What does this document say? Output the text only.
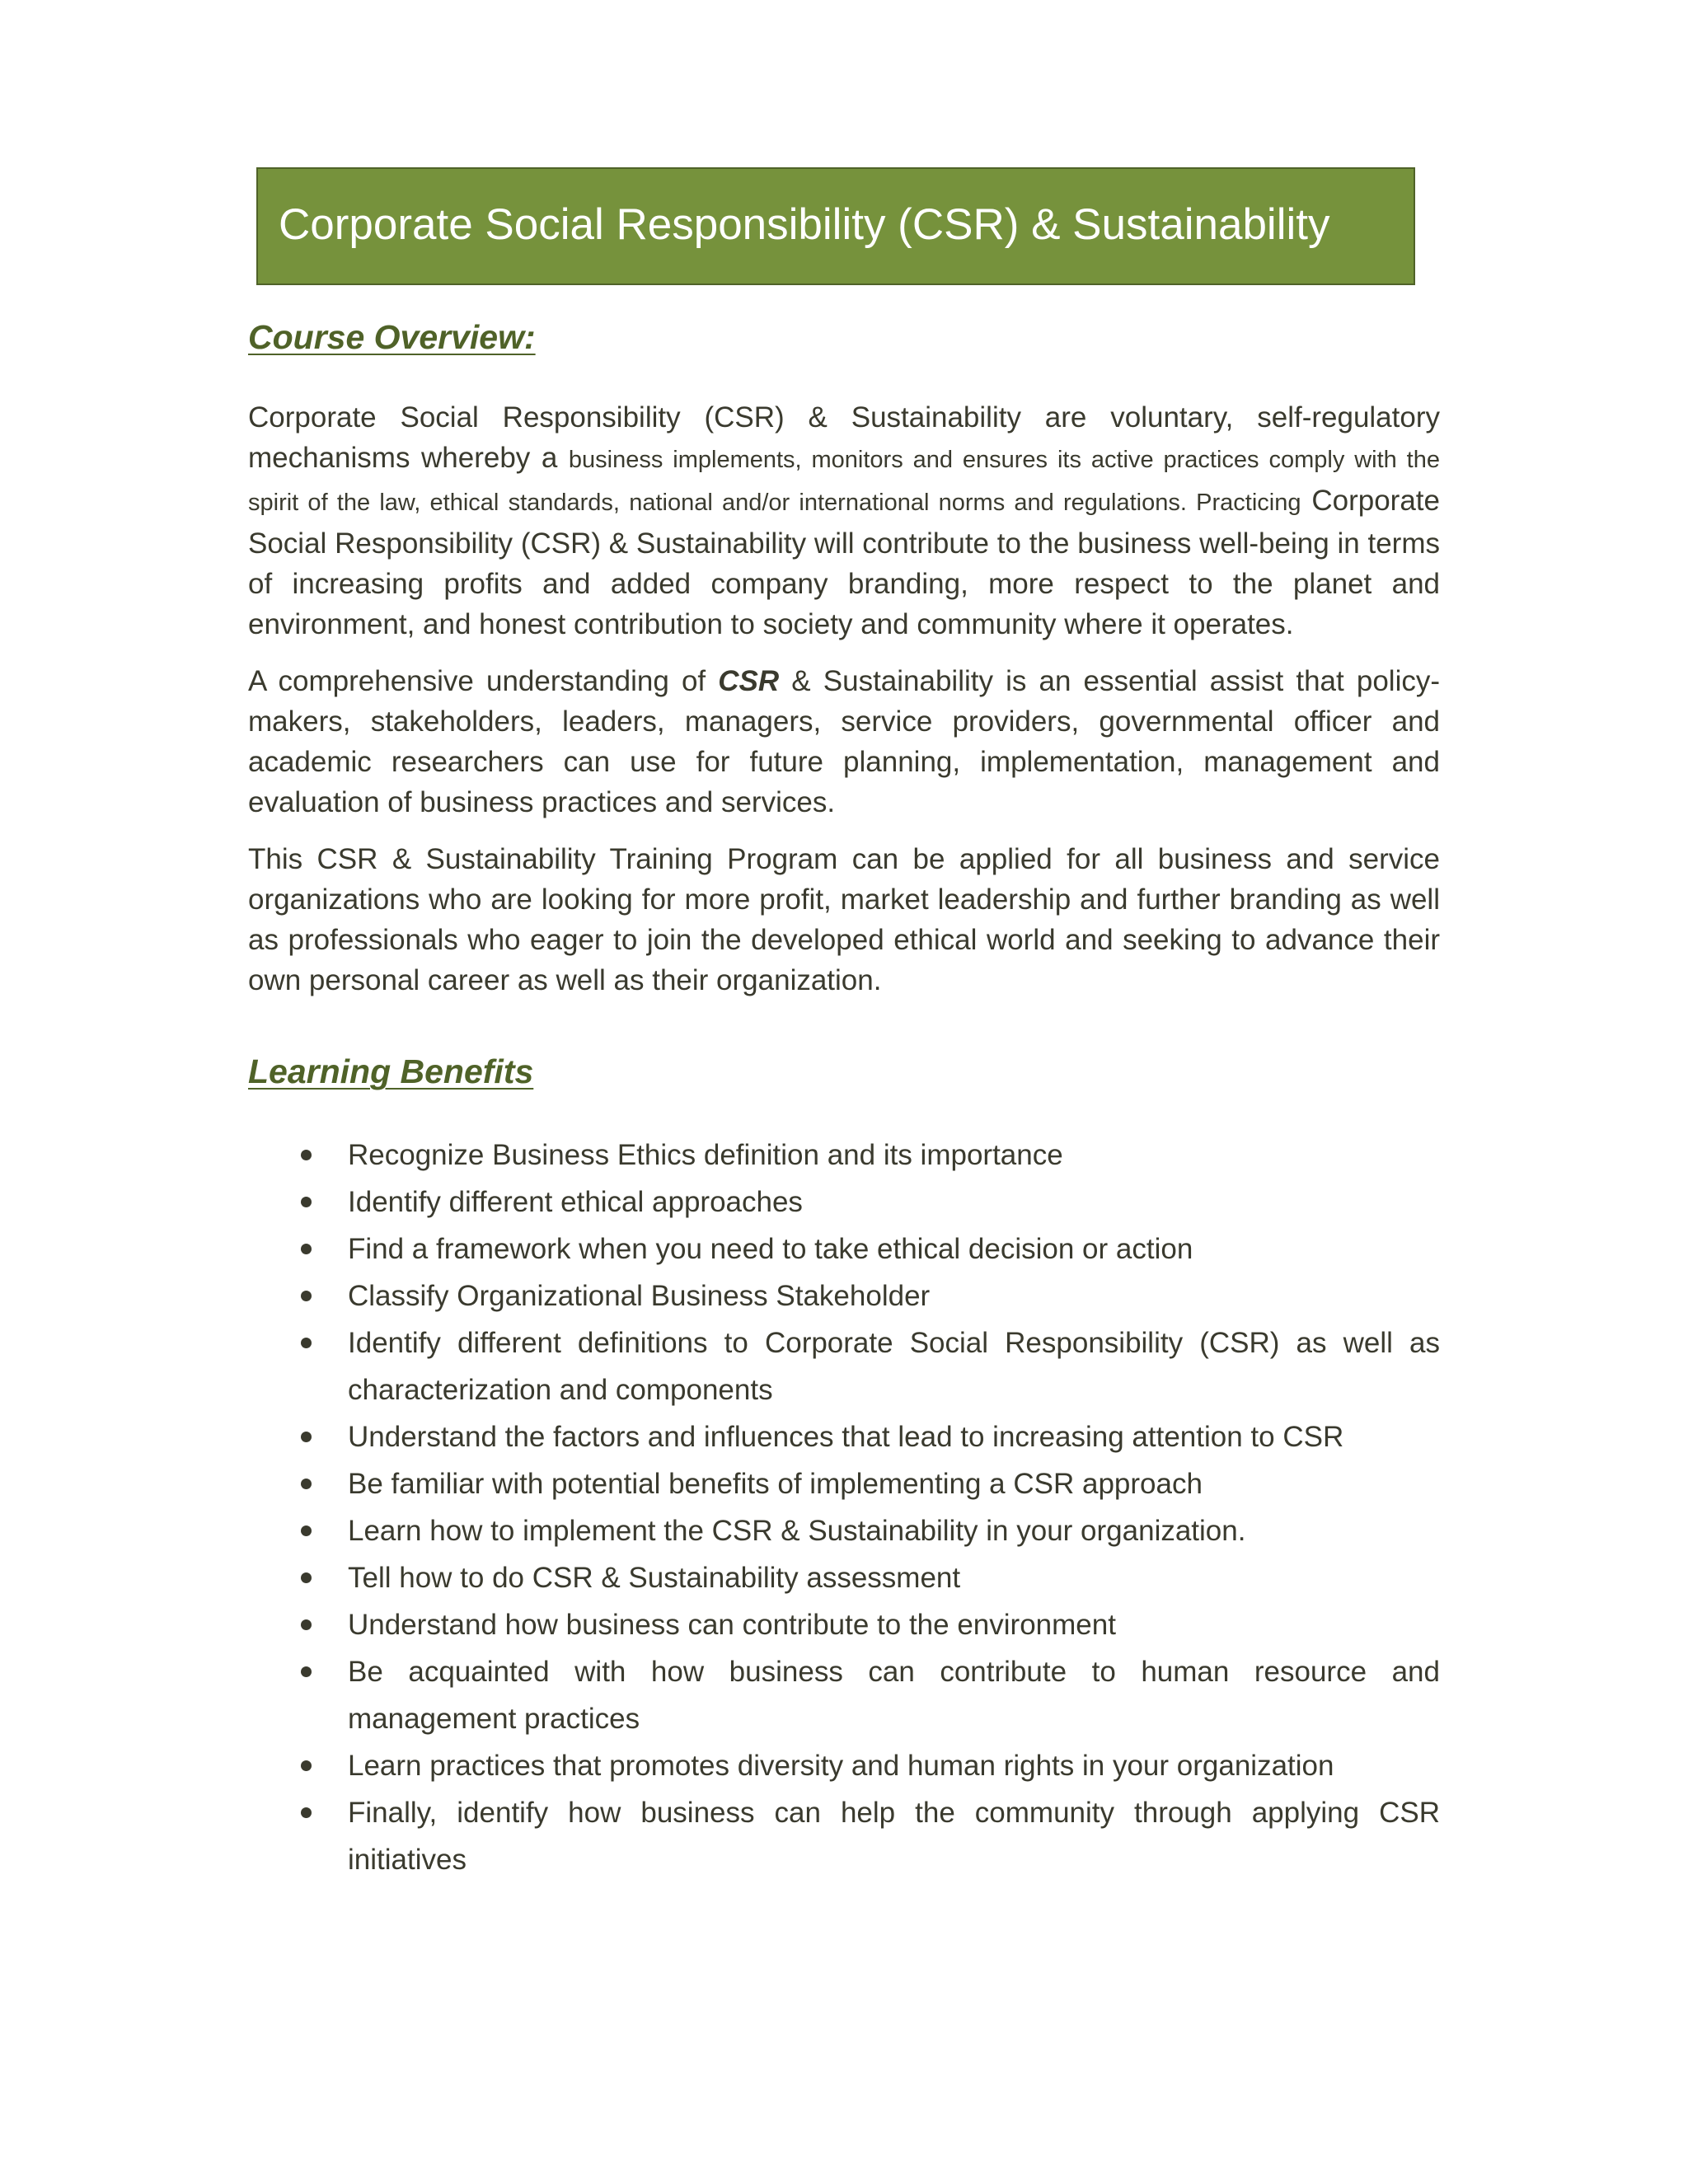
Corporate Social Responsibility (CSR) & Sustainability
Course Overview:

Corporate Social Responsibility (CSR) & Sustainability are voluntary, self-regulatory mechanisms whereby a business implements, monitors and ensures its active practices comply with the spirit of the law, ethical standards, national and/or international norms and regulations. Practicing Corporate Social Responsibility (CSR) & Sustainability will contribute to the business well-being in terms of increasing profits and added company branding, more respect to the planet and environment, and honest contribution to society and community where it operates.

A comprehensive understanding of CSR & Sustainability is an essential assist that policy-makers, stakeholders, leaders, managers, service providers, governmental officer and academic researchers can use for future planning, implementation, management and evaluation of business practices and services.

This CSR & Sustainability Training Program can be applied for all business and service organizations who are looking for more profit, market leadership and further branding as well as professionals who eager to join the developed ethical world and seeking to advance their own personal career as well as their organization.

Learning Benefits
Recognize Business Ethics definition and its importance
Identify different ethical approaches
Find a framework when you need to take ethical decision or action
Classify Organizational Business Stakeholder
Identify different definitions to Corporate Social Responsibility (CSR) as well as characterization and components
Understand the factors and influences that lead to increasing attention to CSR
Be familiar with potential benefits of implementing a CSR approach
Learn how to implement the CSR & Sustainability in your organization.
Tell how to do CSR & Sustainability assessment
Understand how business can contribute to the environment
Be acquainted with how business can contribute to human resource and management practices
Learn practices that promotes diversity and human rights in your organization
Finally, identify how business can help the community through applying CSR initiatives
